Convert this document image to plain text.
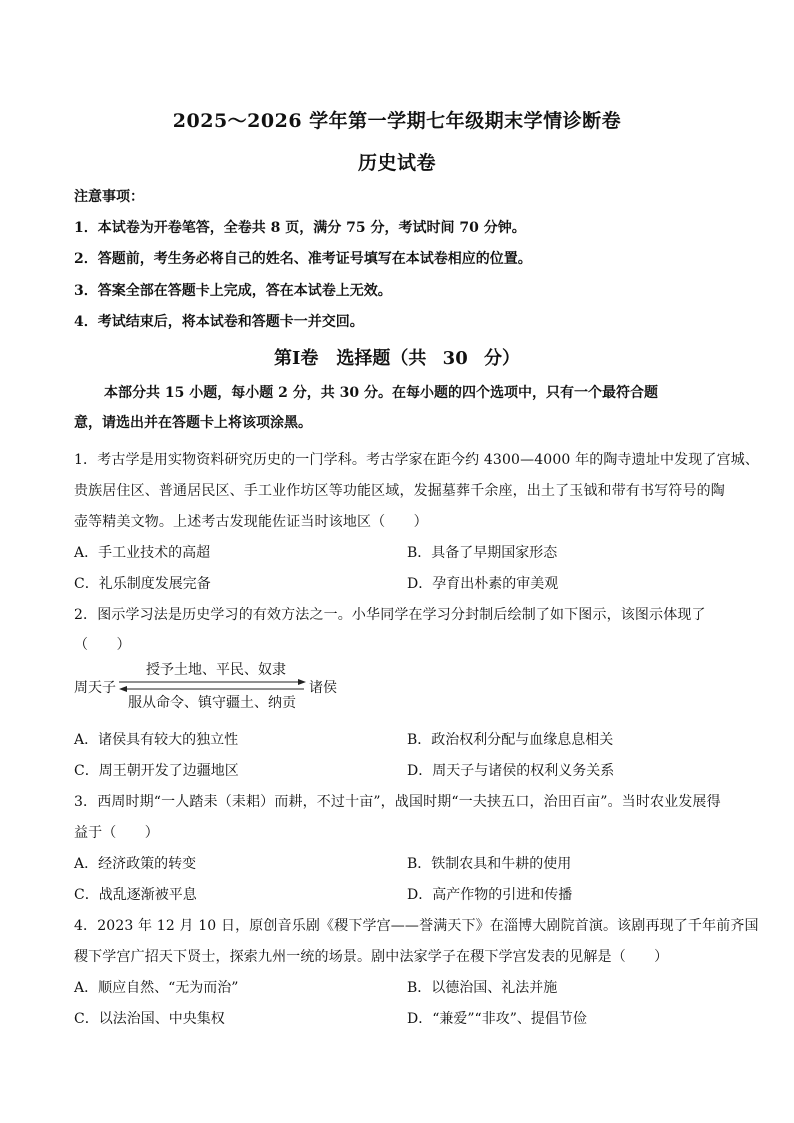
2025～2026 学年第一学期七年级期末学情诊断卷
历史试卷
注意事项：
1．本试卷为开卷笔答，全卷共 8 页，满分 75 分，考试时间 70 分钟。
2．答题前，考生务必将自己的姓名、准考证号填写在本试卷相应的位置。
3．答案全部在答题卡上完成，答在本试卷上无效。
4．考试结束后，将本试卷和答题卡一并交回。
第Ⅰ卷　选择题（共 30 分）
本部分共 15 小题，每小题 2 分，共 30 分。在每小题的四个选项中，只有一个最符合题
意，请选出并在答题卡上将该项涂黑。
1．考古学是用实物资料研究历史的一门学科。考古学家在距今约 4300—4000 年的陶寺遗址中发现了宫城、
贵族居住区、普通居民区、手工业作坊区等功能区域，发掘墓葬千余座，出土了玉钺和带有书写符号的陶
壶等精美文物。上述考古发现能佐证当时该地区（　　）
A．手工业技术的高超	B．具备了早期国家形态
C．礼乐制度发展完备	D．孕育出朴素的审美观
2．图示学习法是历史学习的有效方法之一。小华同学在学习分封制后绘制了如下图示，该图示体现了
（　　）
周天子
授予土地、平民、奴隶
服从命令、镇守疆土、纳贡
诸侯
A．诸侯具有较大的独立性	B．政治权利分配与血缘息息相关
C．周王朝开发了边疆地区	D．周天子与诸侯的权利义务关系
3．西周时期“一人踏耒（耒耜）而耕，不过十亩”，战国时期“一夫挟五口，治田百亩”。当时农业发展得
益于（　　）
A．经济政策的转变	B．铁制农具和牛耕的使用
C．战乱逐渐被平息	D．高产作物的引进和传播
4．2023 年 12 月 10 日，原创音乐剧《稷下学宫——誉满天下》在淄博大剧院首演。该剧再现了千年前齐国
稷下学宫广招天下贤士，探索九州一统的场景。剧中法家学子在稷下学宫发表的见解是（　　）
A．顺应自然、“无为而治”	B．以德治国、礼法并施
C．以法治国、中央集权	D．“兼爱”“非攻”、提倡节俭
